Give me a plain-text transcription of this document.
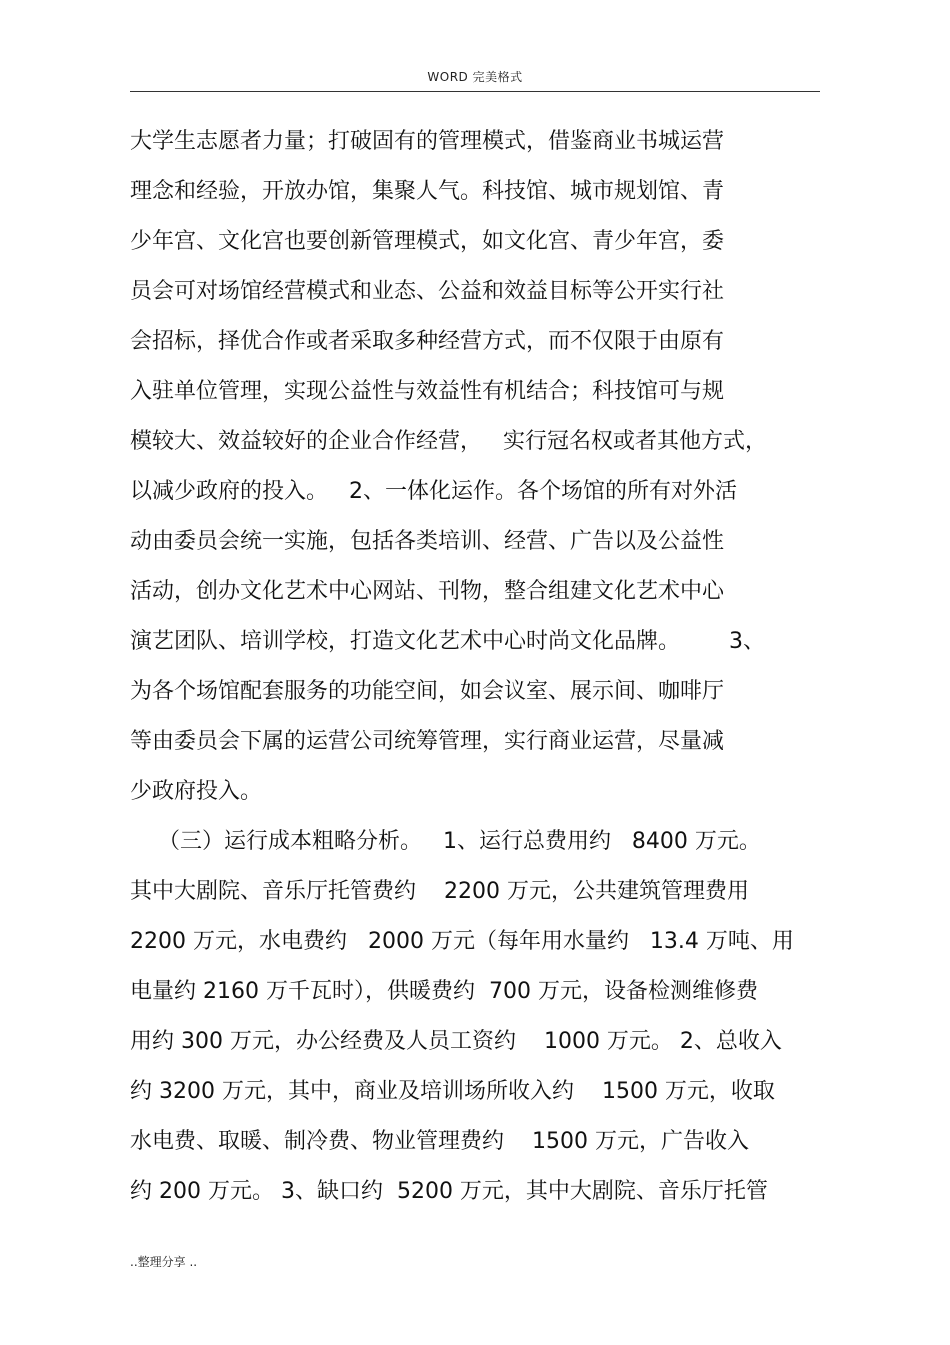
WORD 完美格式
大学生志愿者力量；打破固有的管理模式，借鉴商业书城运营
理念和经验，开放办馆，集聚人气。科技馆、城市规划馆、青
少年宫、文化宫也要创新管理模式，如文化宫、青少年宫，委
员会可对场馆经营模式和业态、公益和效益目标等公开实行社
会招标，择优合作或者采取多种经营方式，而不仅限于由原有
入驻单位管理，实现公益性与效益性有机结合；科技馆可与规
模较大、效益较好的企业合作经营，   实行冠名权或者其他方式，
以减少政府的投入。   2、一体化运作。各个场馆的所有对外活
动由委员会统一实施，包括各类培训、经营、广告以及公益性
活动，创办文化艺术中心网站、刊物，整合组建文化艺术中心
演艺团队、培训学校，打造文化艺术中心时尚文化品牌。       3、
为各个场馆配套服务的功能空间，如会议室、展示间、咖啡厅
等由委员会下属的运营公司统筹管理，实行商业运营，尽量减
少政府投入。
（三）运行成本粗略分析。   1、运行总费用约   8400 万元。
其中大剧院、音乐厅托管费约    2200 万元，公共建筑管理费用
2200 万元，水电费约   2000 万元（每年用水量约   13.4 万吨、用
电量约 2160 万千瓦时），供暖费约  700 万元，设备检测维修费
用约 300 万元，办公经费及人员工资约    1000 万元。 2、总收入
约 3200 万元，其中，商业及培训场所收入约    1500 万元，收取
水电费、取暖、制冷费、物业管理费约    1500 万元，广告收入
约 200 万元。 3、缺口约  5200 万元，其中大剧院、音乐厅托管
..整理分享 ..
